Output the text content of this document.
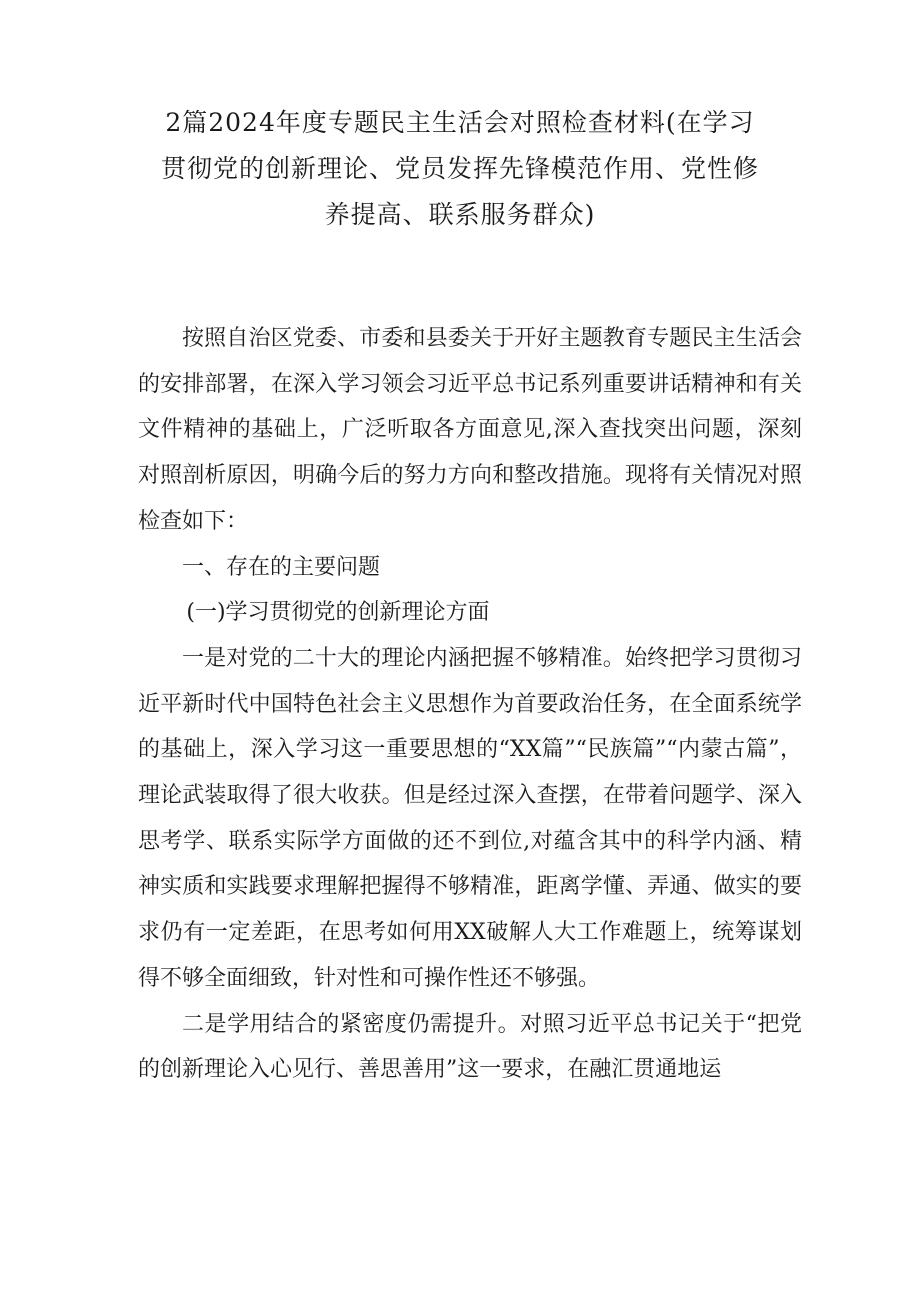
2篇2024年度专题民主生活会对照检查材料(在学习
贯彻党的创新理论、党员发挥先锋模范作用、党性修
养提高、联系服务群众)

按照自治区党委、市委和县委关于开好主题教育专题民主生活会的安排部署，在深入学习领会习近平总书记系列重要讲话精神和有关文件精神的基础上，广泛听取各方面意见,深入查找突出问题，深刻对照剖析原因，明确今后的努力方向和整改措施。现将有关情况对照检查如下：

一、存在的主要问题

(一)学习贯彻党的创新理论方面

一是对党的二十大的理论内涵把握不够精准。始终把学习贯彻习近平新时代中国特色社会主义思想作为首要政治任务，在全面系统学的基础上，深入学习这一重要思想的“XX篇”“民族篇”“内蒙古篇”，理论武装取得了很大收获。但是经过深入查摆，在带着问题学、深入思考学、联系实际学方面做的还不到位,对蕴含其中的科学内涵、精神实质和实践要求理解把握得不够精准，距离学懂、弄通、做实的要求仍有一定差距，在思考如何用XX破解人大工作难题上，统筹谋划得不够全面细致，针对性和可操作性还不够强。

二是学用结合的紧密度仍需提升。对照习近平总书记关于“把党的创新理论入心见行、善思善用”这一要求，在融汇贯通地运
